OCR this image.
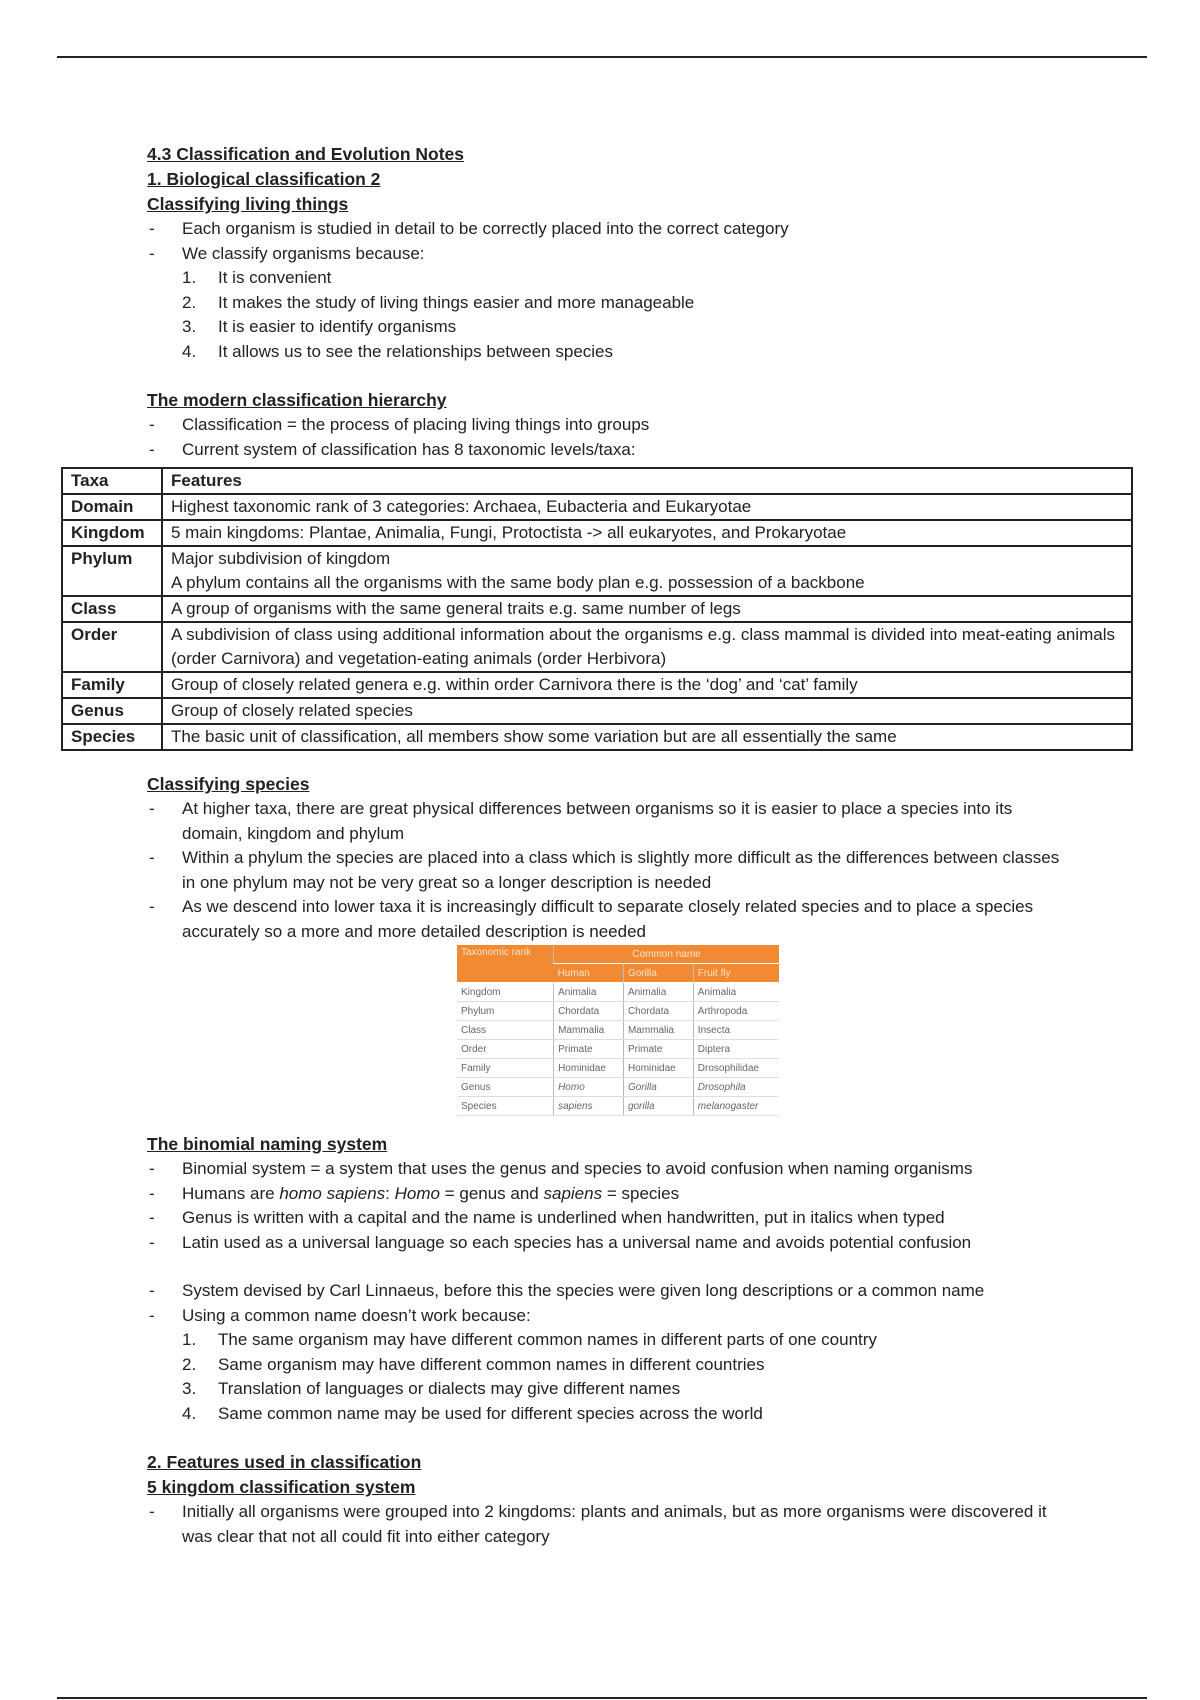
4.3 Classification and Evolution Notes

1. Biological classification 2

Classifying living things

- Each organism is studied in detail to be correctly placed into the correct category
- We classify organisms because:
1. It is convenient
2. It makes the study of living things easier and more manageable
3. It is easier to identify organisms
4. It allows us to see the relationships between species

The modern classification hierarchy

- Classification = the process of placing living things into groups
- Current system of classification has 8 taxonomic levels/taxa:
Taxa	Features
Domain	Highest taxonomic rank of 3 categories: Archaea, Eubacteria and Eukaryotae
Kingdom	5 main kingdoms: Plantae, Animalia, Fungi, Protoctista -> all eukaryotes, and Prokaryotae
Phylum	Major subdivision of kingdom
A phylum contains all the organisms with the same body plan e.g. possession of a backbone

Class	A group of organisms with the same general traits e.g. same number of legs
Order	A subdivision of class using additional information about the organisms e.g. class mammal is divided into meat-eating animals (order Carnivora) and vegetation-eating animals (order Herbivora)
Family	Group of closely related genera e.g. within order Carnivora there is the ‘dog’ and ‘cat’ family
Genus	Group of closely related species
Species	The basic unit of classification, all members show some variation but are all essentially the same

Classifying species

- At higher taxa, there are great physical differences between organisms so it is easier to place a species into its domain, kingdom and phylum
- Within a phylum the species are placed into a class which is slightly more difficult as the differences between classes in one phylum may not be very great so a longer description is needed
- As we descend into lower taxa it is increasingly difficult to separate closely related species and to place a species accurately so a more and more detailed description is needed
Taxonomic rank	Common name		
	Human	Gorilla	Fruit fly
Kingdom	Animalia	Animalia	Animalia
Phylum	Chordata	Chordata	Arthropoda
Class	Mammalia	Mammalia	Insecta
Order	Primate	Primate	Diptera
Family	Hominidae	Hominidae	Drosophilidae
Genus	Homo	Gorilla	Drosophila
Species	sapiens	gorilla	melanogaster

The binomial naming system

- Binomial system = a system that uses the genus and species to avoid confusion when naming organisms
- Humans are homo sapiens: Homo = genus and sapiens = species
- Genus is written with a capital and the name is underlined when handwritten, put in italics when typed
- Latin used as a universal language so each species has a universal name and avoids potential confusion
- System devised by Carl Linnaeus, before this the species were given long descriptions or a common name
- Using a common name doesn’t work because:
1. The same organism may have different common names in different parts of one country
2. Same organism may have different common names in different countries
3. Translation of languages or dialects may give different names
4. Same common name may be used for different species across the world

2. Features used in classification

5 kingdom classification system

- Initially all organisms were grouped into 2 kingdoms: plants and animals, but as more organisms were discovered it was clear that not all could fit into either category
